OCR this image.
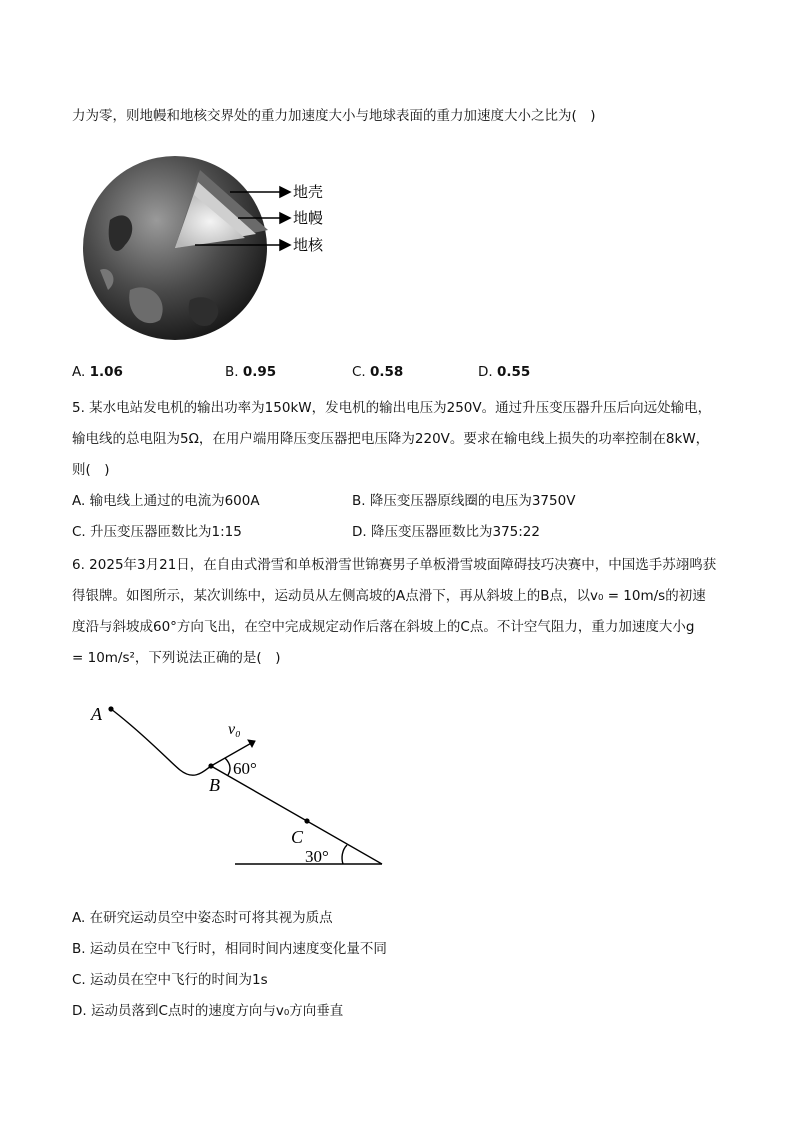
力为零，则地幔和地核交界处的重力加速度大小与地球表面的重力加速度大小之比为(　)
地壳
地幔
地核
A. 1.06	B. 0.95	C. 0.58	D. 0.55
5. 某水电站发电机的输出功率为150kW，发电机的输出电压为250V。通过升压变压器升压后向远处输电，
输电线的总电阻为5Ω，在用户端用降压变压器把电压降为220V。要求在输电线上损失的功率控制在8kW，
则(　)
A. 输电线上通过的电流为600A	B. 降压变压器原线圈的电压为3750V
C. 升压变压器匝数比为1:15	D. 降压变压器匝数比为375:22
6. 2025年3月21日，在自由式滑雪和单板滑雪世锦赛男子单板滑雪坡面障碍技巧决赛中，中国选手苏翊鸣获
得银牌。如图所示，某次训练中，运动员从左侧高坡的A点滑下，再从斜坡上的B点，以v₀ = 10m/s的初速
度沿与斜坡成60°方向飞出，在空中完成规定动作后落在斜坡上的C点。不计空气阻力，重力加速度大小g
= 10m/s²，下列说法正确的是(　)
A
B
C
v₀
60°
30°
A. 在研究运动员空中姿态时可将其视为质点
B. 运动员在空中飞行时，相同时间内速度变化量不同
C. 运动员在空中飞行的时间为1s
D. 运动员落到C点时的速度方向与v₀方向垂直
